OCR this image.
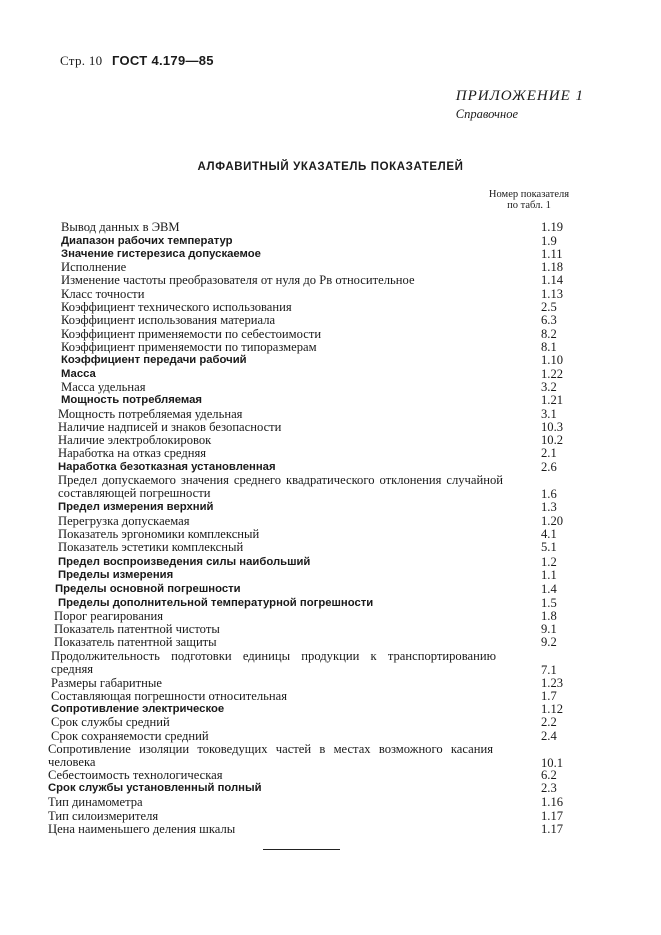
Стр. 10 ГОСТ 4.179—85
ПРИЛОЖЕНИЕ 1
Справочное
АЛФАВИТНЫЙ УКАЗАТЕЛЬ ПОКАЗАТЕЛЕЙ
Номер показателя
по табл. 1
Вывод данных в ЭВМ	1.19
Диапазон рабочих температур	1.9
Значение гистерезиса допускаемое	1.11
Исполнение	1.18
Изменение частоты преобразователя от нуля до Pв относительное	1.14
Класс точности	1.13
Коэффициент технического использования	2.5
Коэффициент использования материала	6.3
Коэффициент применяемости по себестоимости	8.2
Коэффициент применяемости по типоразмерам	8.1
Коэффициент передачи рабочий	1.10
Масса	1.22
Масса удельная	3.2
Мощность потребляемая	1.21
Мощность потребляемая удельная	3.1
Наличие надписей и знаков безопасности	10.3
Наличие электроблокировок	10.2
Наработка на отказ средняя	2.1
Наработка безотказная установленная	2.6
Предел допускаемого значения среднего квадратического отклонения случайной составляющей погрешности	1.6
Предел измерения верхний	1.3
Перегрузка допускаемая	1.20
Показатель эргономики комплексный	4.1
Показатель эстетики комплексный	5.1
Предел воспроизведения силы наибольший	1.2
Пределы измерения	1.1
Пределы основной погрешности	1.4
Пределы дополнительной температурной погрешности	1.5
Порог реагирования	1.8
Показатель патентной чистоты	9.1
Показатель патентной защиты	9.2
Продолжительность подготовки единицы продукции к транспортированию средняя	7.1
Размеры габаритные	1.23
Составляющая погрешности относительная	1.7
Сопротивление электрическое	1.12
Срок службы средний	2.2
Срок сохраняемости средний	2.4
Сопротивление изоляции токоведущих частей в местах возможного касания человека	10.1
Себестоимость технологическая	6.2
Срок службы установленный полный	2.3
Тип динамометра	1.16
Тип силоизмерителя	1.17
Цена наименьшего деления шкалы	1.17
